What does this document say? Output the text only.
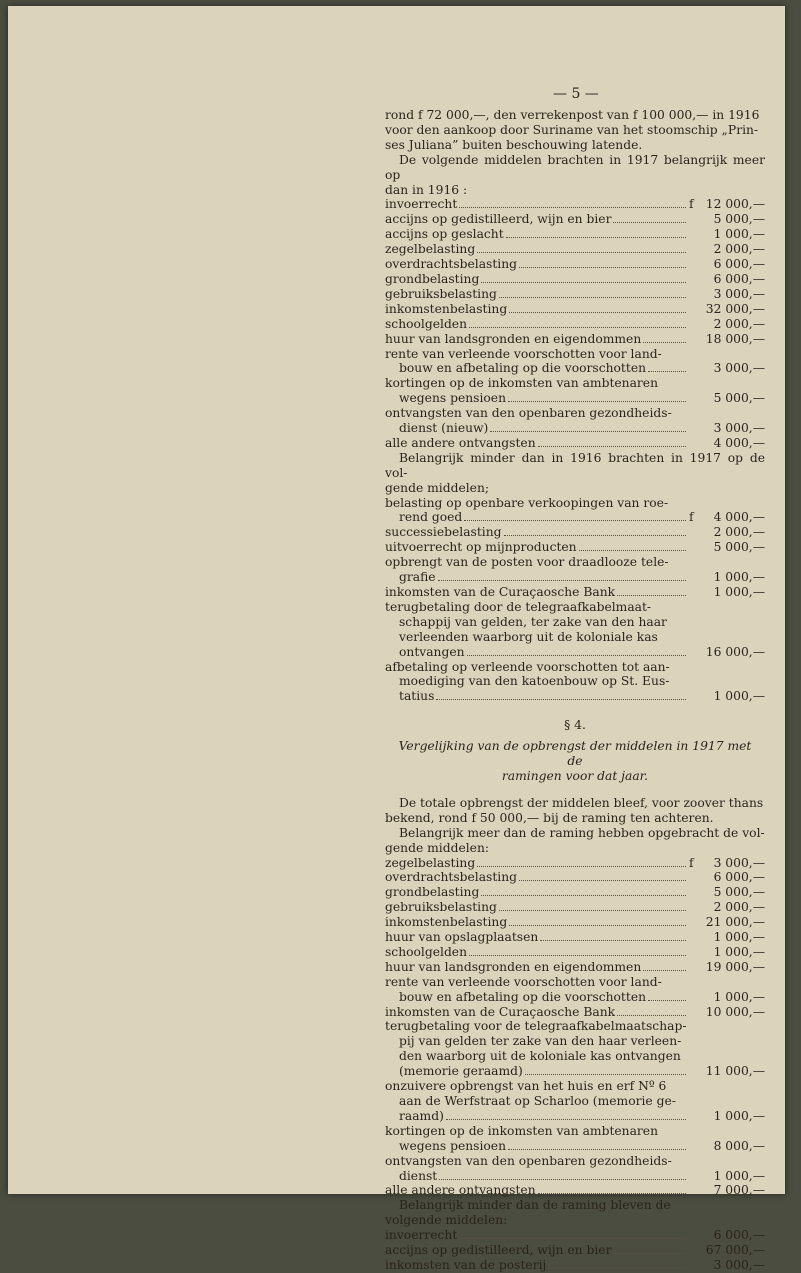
— 5 —
rond f 72 000,—, den verrekenpost van f 100 000,— in 1916
voor den aankoop door Suriname van het stoomschip „Prin-
ses Juliana” buiten beschouwing latende.
De volgende middelen brachten in 1917 belangrijk meer op
dan in 1916 :
invoerrecht	f 12 000,—
accijns op gedistilleerd, wijn en bier	5 000,—
accijns op geslacht	1 000,—
zegelbelasting	2 000,—
overdrachtsbelasting	6 000,—
grondbelasting	6 000,—
gebruiksbelasting	3 000,—
inkomstenbelasting	32 000,—
schoolgelden	2 000,—
huur van landsgronden en eigendommen	18 000,—
rente van verleende voorschotten voor land-
bouw en afbetaling op die voorschotten	3 000,—
kortingen op de inkomsten van ambtenaren
wegens pensioen	5 000,—
ontvangsten van den openbaren gezondheids-
dienst (nieuw)	3 000,—
alle andere ontvangsten	4 000,—
Belangrijk minder dan in 1916 brachten in 1917 op de vol-
gende middelen;
belasting op openbare verkoopingen van roe-
rend goed	f	4 000,—
successiebelasting	2 000,—
uitvoerrecht op mijnproducten	5 000,—
opbrengt van de posten voor draadlooze tele-
grafie	1 000,—
inkomsten van de Curaçaosche Bank	1 000,—
terugbetaling door de telegraafkabelmaat-
schappij van gelden, ter zake van den haar
verleenden waarborg uit de koloniale kas
ontvangen	16 000,—
afbetaling op verleende voorschotten tot aan-
moediging van den katoenbouw op St. Eus-
tatius	1 000,—
§ 4.
Vergelijking van de opbrengst der middelen in 1917 met de
ramingen voor dat jaar.
De totale opbrengst der middelen bleef, voor zoover thans
bekend, rond f 50 000,— bij de raming ten achteren.
Belangrijk meer dan de raming hebben opgebracht de vol-
gende middelen:
zegelbelasting	f	3 000,—
overdrachtsbelasting	6 000,—
grondbelasting	5 000,—
gebruiksbelasting	2 000,—
inkomstenbelasting	21 000,—
huur van opslagplaatsen	1 000,—
schoolgelden	1 000,—
huur van landsgronden en eigendommen	19 000,—
rente van verleende voorschotten voor land-
bouw en afbetaling op die voorschotten	1 000,—
inkomsten van de Curaçaosche Bank	10 000,—
terugbetaling voor de telegraafkabelmaatschap-
pij van gelden ter zake van den haar verleen-
den waarborg uit de koloniale kas ontvangen
(memorie geraamd)	11 000,—
onzuivere opbrengst van het huis en erf Nº 6
aan de Werfstraat op Scharloo (memorie ge-
raamd)	1 000,—
kortingen op de inkomsten van ambtenaren
wegens pensioen	8 000,—
ontvangsten van den openbaren gezondheids-
dienst	1 000,—
alle andere ontvangsten	7 000,—
Belangrijk minder dan de raming bleven de
volgende middelen:
invoerrecht	6 000,—
accijns op gedistilleerd, wijn en bier	67 000,—
inkomsten van de posterij	3 000,—
